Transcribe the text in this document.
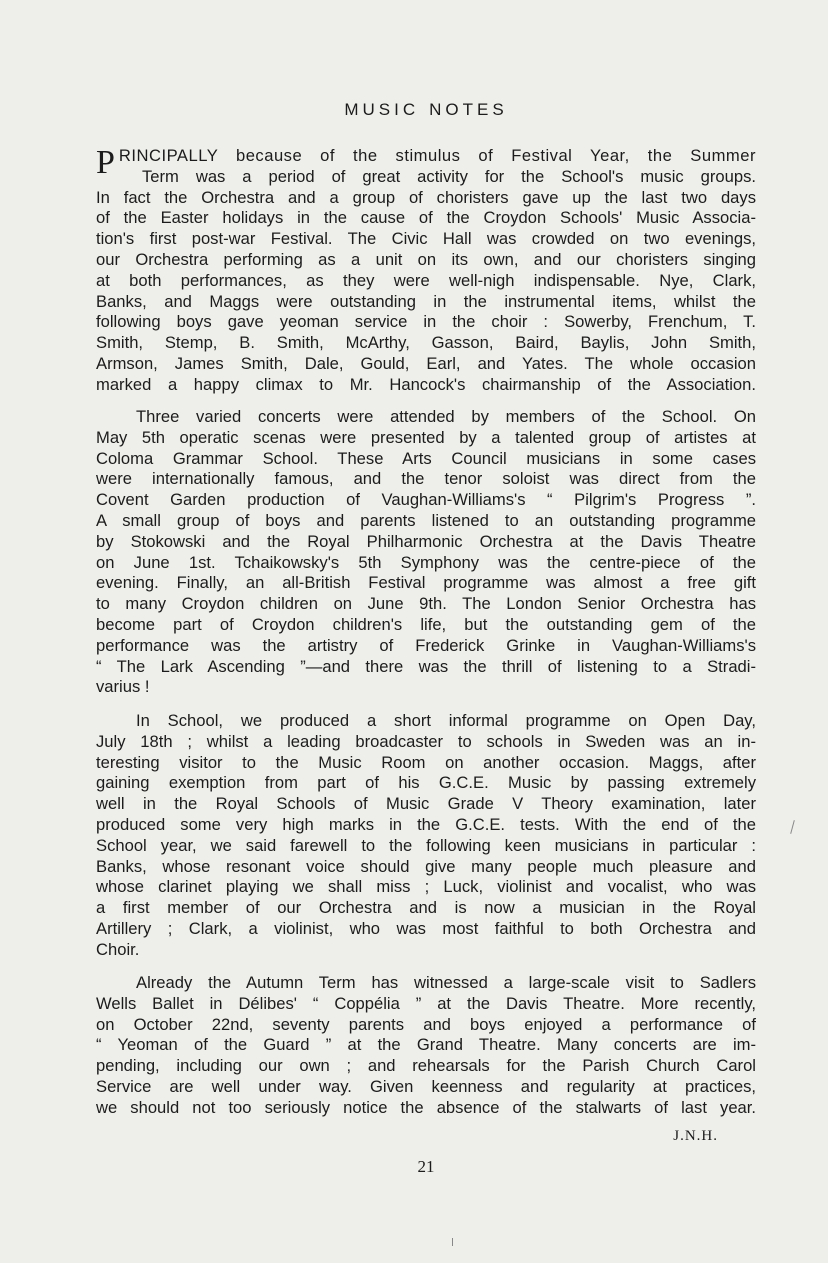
MUSIC NOTES
PRINCIPALLY because of the stimulus of Festival Year, the Summer
Term was a period of great activity for the School's music groups.
In fact the Orchestra and a group of choristers gave up the last two days
of the Easter holidays in the cause of the Croydon Schools' Music Associa-
tion's first post-war Festival. The Civic Hall was crowded on two evenings,
our Orchestra performing as a unit on its own, and our choristers singing
at both performances, as they were well-nigh indispensable. Nye, Clark,
Banks, and Maggs were outstanding in the instrumental items, whilst the
following boys gave yeoman service in the choir : Sowerby, Frenchum, T.
Smith, Stemp, B. Smith, McArthy, Gasson, Baird, Baylis, John Smith,
Armson, James Smith, Dale, Gould, Earl, and Yates. The whole occasion
marked a happy climax to Mr. Hancock's chairmanship of the Association.
Three varied concerts were attended by members of the School. On
May 5th operatic scenas were presented by a talented group of artistes at
Coloma Grammar School. These Arts Council musicians in some cases
were internationally famous, and the tenor soloist was direct from the
Covent Garden production of Vaughan-Williams's “ Pilgrim's Progress ”.
A small group of boys and parents listened to an outstanding programme
by Stokowski and the Royal Philharmonic Orchestra at the Davis Theatre
on June 1st. Tchaikowsky's 5th Symphony was the centre-piece of the
evening. Finally, an all-British Festival programme was almost a free gift
to many Croydon children on June 9th. The London Senior Orchestra has
become part of Croydon children's life, but the outstanding gem of the
performance was the artistry of Frederick Grinke in Vaughan-Williams's
“ The Lark Ascending ”—and there was the thrill of listening to a Stradi-
varius !
In School, we produced a short informal programme on Open Day,
July 18th ; whilst a leading broadcaster to schools in Sweden was an in-
teresting visitor to the Music Room on another occasion. Maggs, after
gaining exemption from part of his G.C.E. Music by passing extremely
well in the Royal Schools of Music Grade V Theory examination, later
produced some very high marks in the G.C.E. tests. With the end of the
School year, we said farewell to the following keen musicians in particular :
Banks, whose resonant voice should give many people much pleasure and
whose clarinet playing we shall miss ; Luck, violinist and vocalist, who was
a first member of our Orchestra and is now a musician in the Royal
Artillery ; Clark, a violinist, who was most faithful to both Orchestra and
Choir.
Already the Autumn Term has witnessed a large-scale visit to Sadlers
Wells Ballet in Délibes' “ Coppélia ” at the Davis Theatre. More recently,
on October 22nd, seventy parents and boys enjoyed a performance of
“ Yeoman of the Guard ” at the Grand Theatre. Many concerts are im-
pending, including our own ; and rehearsals for the Parish Church Carol
Service are well under way. Given keenness and regularity at practices,
we should not too seriously notice the absence of the stalwarts of last year.
J.N.H.
21
